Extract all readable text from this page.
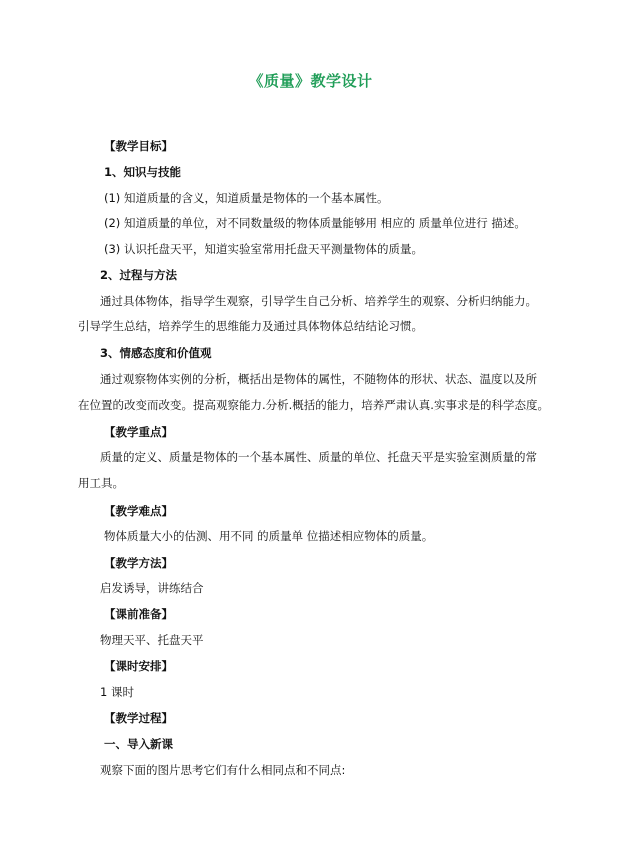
《质量》教学设计
【教学目标】
1、知识与技能
(1) 知道质量的含义，知道质量是物体的一个基本属性。
(2) 知道质量的单位，对不同数量级的物体质量能够用 相应的 质量单位进行 描述。
(3) 认识托盘天平，知道实验室常用托盘天平测量物体的质量。
2、过程与方法
通过具体物体，指导学生观察，引导学生自己分析、培养学生的观察、分析归纳能力。
引导学生总结，培养学生的思维能力及通过具体物体总结结论习惯。
3、情感态度和价值观
通过观察物体实例的分析，概括出是物体的属性，不随物体的形状、状态、温度以及所
在位置的改变而改变。提高观察能力.分析.概括的能力，培养严肃认真.实事求是的科学态度。
【教学重点】
质量的定义、质量是物体的一个基本属性、质量的单位、托盘天平是实验室测质量的常
用工具。
【教学难点】
物体质量大小的估测、用不同 的质量单 位描述相应物体的质量。
【教学方法】
启发诱导，讲练结合
【课前准备】
物理天平、托盘天平
【课时安排】
1 课时
【教学过程】
一、导入新课
观察下面的图片思考它们有什么相同点和不同点:
